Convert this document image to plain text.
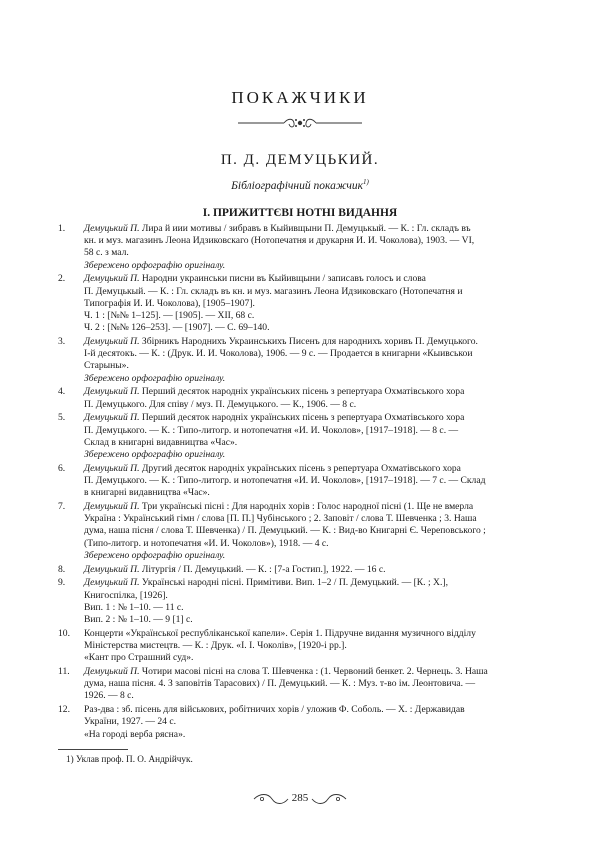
ПОКАЖЧИКИ
П. Д. ДЕМУЦЬКИЙ.
Бібліографічний покажчик$^{1)}$
І. ПРИЖИТТЄВІ НОТНІ ВИДАННЯ
1. Демуцький П. Лира й иии мотивы / зибравъ в Кыйивщыни П. Демуцькый. — К. : Гл. складъ въ
кн. и муз. магазинъ Леона Идзиковскаго (Нотопечатня и друкарня И. И. Чоколова), 1903. — VI,
58 с. з мал.
Збережено орфографію оригіналу.
2. Демуцький П. Народни украинськи писни въ Кыйивщыни / записавъ голосъ и слова
П. Демуцькый. — К. : Гл. складъ въ кн. и муз. магазинъ Леона Идзиковскаго (Нотопечатня и
Типографія И. И. Чоколова), [1905–1907].
Ч. 1 : [№№ 1–125]. — [1905]. — XII, 68 с.
Ч. 2 : [№№ 126–253]. — [1907]. — С. 69–140.
3. Демуцький П. Збірникъ Народнихъ Украинськихъ Писенъ для народнихъ хоривъ П. Демуцького.
І-й десятокъ. — К. : (Друк. И. И. Чоколова), 1906. — 9 с. — Продается в книгарни «Кыивськои
Старыны».
Збережено орфографію оригіналу.
4. Демуцький П. Перший десяток народніх українських пісень з репертуара Охматівського хора
П. Демуцького. Для співу / муз. П. Демуцького. — К., 1906. — 8 с.
5. Демуцький П. Перший десяток народніх українських пісень з репертуара Охматівського хора
П. Демуцького. — К. : Типо-литогр. и нотопечатня «И. И. Чоколов», [1917–1918]. — 8 с. —
Склад в книгарні видавництва «Час».
Збережено орфографію оригіналу.
6. Демуцький П. Другий десяток народніх українських пісень з репертуара Охматівського хора
П. Демуцького. — К. : Типо-литогр. и нотопечатня «И. И. Чоколов», [1917–1918]. — 7 с. — Склад
в книгарні видавництва «Час».
7. Демуцький П. Три українські пісні : Для народніх хорів : Голос народної пісні (1. Ще не вмерла
Україна : Український гімн / слова [П. П.] Чубінського ; 2. Заповіт / слова Т. Шевченка ; 3. Наша
дума, наша пісня / слова Т. Шевченка) / П. Демуцький. — К. : Вид-во Книгарні Є. Череповського ;
(Типо-литогр. и нотопечатня «И. И. Чоколов»), 1918. — 4 с.
Збережено орфографію оригіналу.
8. Демуцький П. Літургія / П. Демуцький. — К. : [7-а Гостип.], 1922. — 16 с.
9. Демуцький П. Українські народні пісні. Примітиви. Вип. 1–2 / П. Демуцький. — [К. ; Х.],
Книгоспілка, [1926].
Вип. 1 : № 1–10. — 11 с.
Вип. 2 : № 1–10. — 9 [1] с.
10. Концерти «Української республіканської капели». Серія 1. Підручне видання музичного відділу
Міністерства мистецтв. — К. : Друк. «І. І. Чоколів», [1920-і рр.].
«Кант про Страшний суд».
11. Демуцький П. Чотири масові пісні на слова Т. Шевченка : (1. Червоний бенкет. 2. Чернець. 3. Наша
дума, наша пісня. 4. З заповітів Тарасових) / П. Демуцький. — К. : Муз. т-во ім. Леонтовича. —
1926. — 8 с.
12. Раз-два : зб. пісень для військових, робітничих хорів / уложив Ф. Соболь. — Х. : Державидав
України, 1927. — 24 с.
«На городі верба рясна».
1) Уклав проф. П. О. Андрійчук.
285
